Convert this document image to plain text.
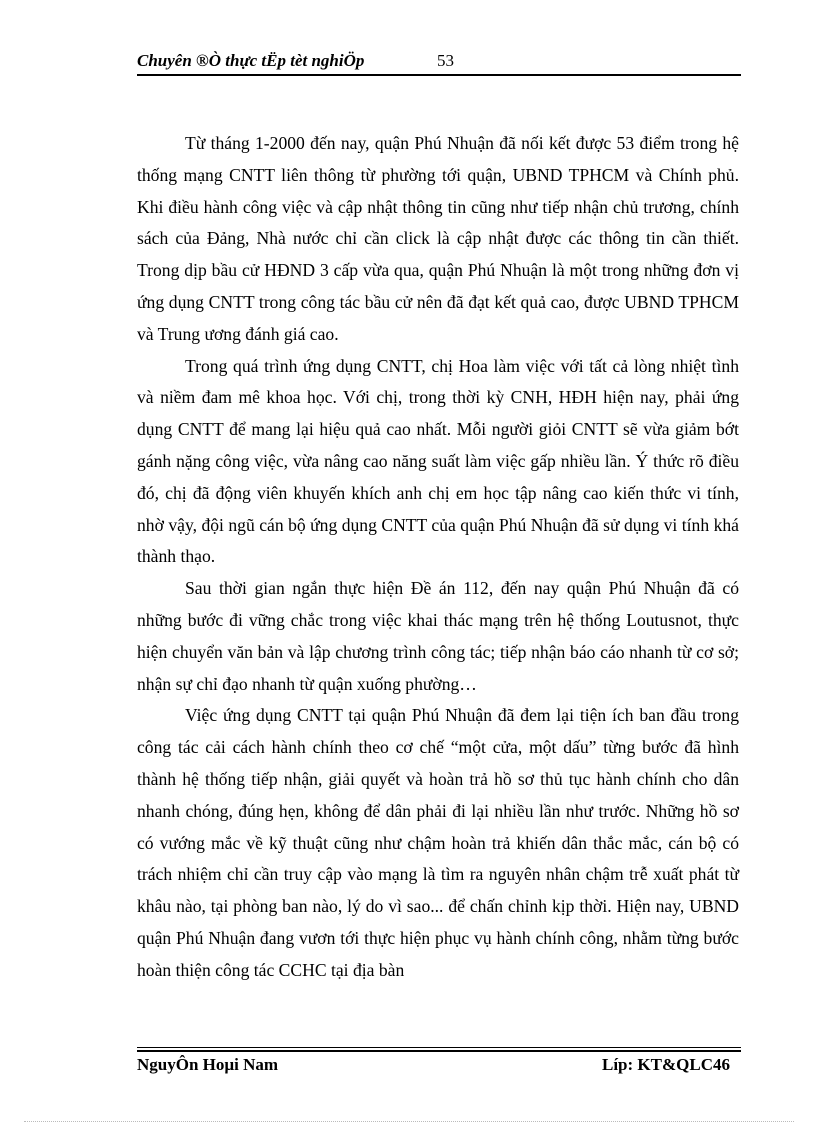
Chuyên ®Ò thực tËp tèt nghiÖp	53

Từ tháng 1-2000 đến nay, quận Phú Nhuận đã nối kết được 53 điểm trong hệ thống mạng CNTT liên thông từ phường tới quận, UBND TPHCM và Chính phủ. Khi điều hành công việc và cập nhật thông tin cũng như tiếp nhận chủ trương, chính sách của Đảng, Nhà nước chỉ cần click là cập nhật được các thông tin cần thiết. Trong dịp bầu cử HĐND 3 cấp vừa qua, quận Phú Nhuận là một trong những đơn vị ứng dụng CNTT trong công tác bầu cử nên đã đạt kết quả cao, được UBND TPHCM và Trung ương đánh giá cao.

Trong quá trình ứng dụng CNTT, chị Hoa làm việc với tất cả lòng nhiệt tình và niềm đam mê khoa học. Với chị, trong thời kỳ CNH, HĐH hiện nay, phải ứng dụng CNTT để mang lại hiệu quả cao nhất. Mỗi người giỏi CNTT sẽ vừa giảm bớt gánh nặng công việc, vừa nâng cao năng suất làm việc gấp nhiều lần. Ý thức rõ điều đó, chị đã động viên khuyến khích anh chị em học tập nâng cao kiến thức vi tính, nhờ vậy, đội ngũ cán bộ ứng dụng CNTT của quận Phú Nhuận đã sử dụng vi tính khá thành thạo.

Sau thời gian ngắn thực hiện Đề án 112, đến nay quận Phú Nhuận đã có những bước đi vững chắc trong việc khai thác mạng trên hệ thống Loutusnot, thực hiện chuyển văn bản và lập chương trình công tác; tiếp nhận báo cáo nhanh từ cơ sở; nhận sự chỉ đạo nhanh từ quận xuống phường…

Việc ứng dụng CNTT tại quận Phú Nhuận đã đem lại tiện ích ban đầu trong công tác cải cách hành chính theo cơ chế “một cửa, một dấu” từng bước đã hình thành hệ thống tiếp nhận, giải quyết và hoàn trả hồ sơ thủ tục hành chính cho dân nhanh chóng, đúng hẹn, không để dân phải đi lại nhiều lần như trước. Những hồ sơ có vướng mắc về kỹ thuật cũng như chậm hoàn trả khiến dân thắc mắc, cán bộ có trách nhiệm chỉ cần truy cập vào mạng là tìm ra nguyên nhân chậm trễ xuất phát từ khâu nào, tại phòng ban nào, lý do vì sao... để chấn chỉnh kịp thời. Hiện nay, UBND quận Phú Nhuận đang vươn tới thực hiện phục vụ hành chính công, nhằm từng bước hoàn thiện công tác CCHC tại địa bàn

NguyÔn Hoµi Nam	Líp: KT&QLC46
